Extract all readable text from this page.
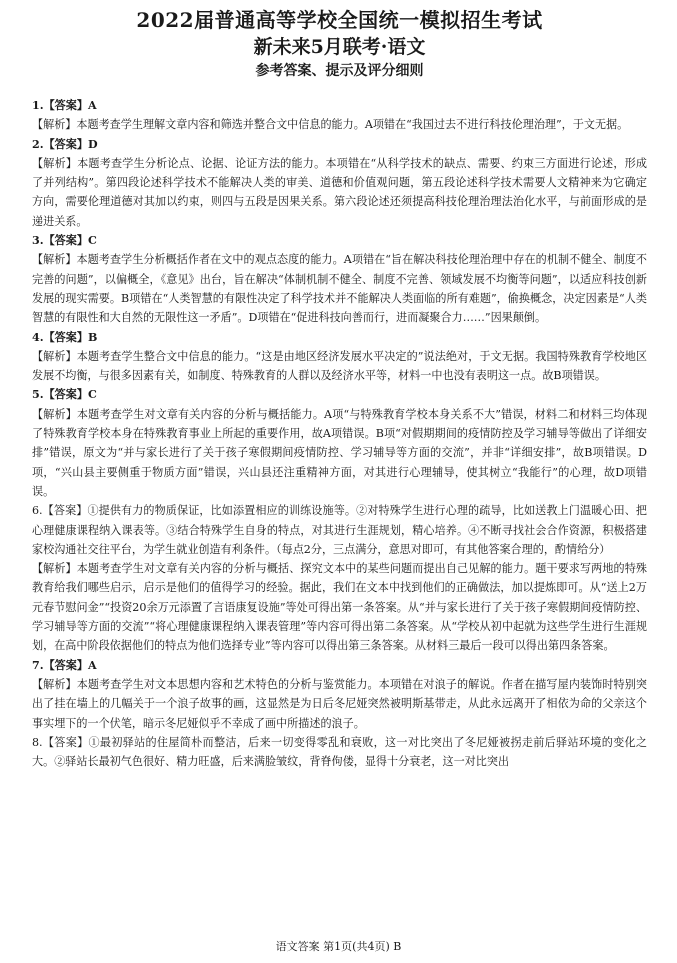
2022届普通高等学校全国统一模拟招生考试
新未来5月联考·语文
参考答案、提示及评分细则
1.【答案】A
【解析】本题考查学生理解文章内容和筛选并整合文中信息的能力。A项错在“我国过去不进行科技伦理治理”，于文无据。
2.【答案】D
【解析】本题考查学生分析论点、论据、论证方法的能力。本项错在“从科学技术的缺点、需要、约束三方面进行论述，形成了并列结构”。第四段论述科学技术不能解决人类的审美、道德和价值观问题，第五段论述科学技术需要人文精神来为它确定方向，需要伦理道德对其加以约束，则四与五段是因果关系。第六段论述还须提高科技伦理治理法治化水平，与前面形成的是递进关系。
3.【答案】C
【解析】本题考查学生分析概括作者在文中的观点态度的能力。A项错在“旨在解决科技伦理治理中存在的机制不健全、制度不完善的问题”，以偏概全，《意见》出台，旨在解决“体制机制不健全、制度不完善、领域发展不均衡等问题”，以适应科技创新发展的现实需要。B项错在“人类智慧的有限性决定了科学技术并不能解决人类面临的所有难题”，偷换概念，决定因素是“人类智慧的有限性和大自然的无限性这一矛盾”。D项错在“促进科技向善而行，进而凝聚合力……”因果颠倒。
4.【答案】B
【解析】本题考查学生整合文中信息的能力。“这是由地区经济发展水平决定的”说法绝对，于文无据。我国特殊教育学校地区发展不均衡，与很多因素有关，如制度、特殊教育的人群以及经济水平等，材料一中也没有表明这一点。故B项错误。
5.【答案】C
【解析】本题考查学生对文章有关内容的分析与概括能力。A项“与特殊教育学校本身关系不大”错误，材料二和材料三均体现了特殊教育学校本身在特殊教育事业上所起的重要作用，故A项错误。B项“对假期期间的疫情防控及学习辅导等做出了详细安排”错误，原文为“并与家长进行了关于孩子寒假期间疫情防控、学习辅导等方面的交流”，并非“详细安排”，故B项错误。D项，“兴山县主要侧重于物质方面”错误，兴山县还注重精神方面，对其进行心理辅导，使其树立“我能行”的心理，故D项错误。
6.【答案】①提供有力的物质保证，比如添置相应的训练设施等。②对特殊学生进行心理的疏导，比如送教上门温暖心田、把心理健康课程纳入课表等。③结合特殊学生自身的特点，对其进行生涯规划，精心培养。④不断寻找社会合作资源，积极搭建家校沟通社交往平台，为学生就业创造有利条件。（每点2分，三点满分，意思对即可，有其他答案合理的，酌情给分）
【解析】本题考查学生对文章有关内容的分析与概括、探究文本中的某些问题而提出自己见解的能力。题干要求写两地的特殊教育给我们哪些启示，启示是他们的值得学习的经验。据此，我们在文本中找到他们的正确做法，加以提炼即可。从“送上2万元春节慰问金”“投资20余万元添置了言语康复设施”等处可得出第一条答案。从“并与家长进行了关于孩子寒假期间疫情防控、学习辅导等方面的交流”“将心理健康课程纳入课表管理”等内容可得出第二条答案。从“学校从初中起就为这些学生进行生涯规划，在高中阶段依据他们的特点为他们选择专业”等内容可以得出第三条答案。从材料三最后一段可以得出第四条答案。
7.【答案】A
【解析】本题考查学生对文本思想内容和艺术特色的分析与鉴赏能力。本项错在对浪子的解说。作者在描写屋内装饰时特别突出了挂在墙上的几幅关于一个浪子故事的画，这显然是为日后冬尼娅突然被明斯基带走，从此永远离开了相依为命的父亲这个事实埋下的一个伏笔，暗示冬尼娅似乎不幸成了画中所描述的浪子。
8.【答案】①最初驿站的住屋简朴而整洁，后来一切变得零乱和衰败，这一对比突出了冬尼娅被拐走前后驿站环境的变化之大。②驿站长最初气色很好、精力旺盛，后来满脸皱纹，背脊佝偻，显得十分衰老，这一对比突出
语文答案 第1页(共4页) B
